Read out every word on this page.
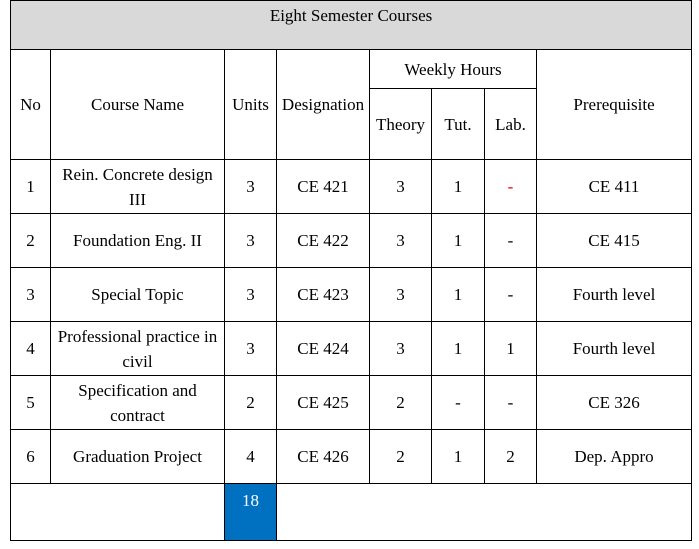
Eight Semester Courses							
No	Course Name	Units	Designation	Weekly Hours			Prerequisite
				Theory	Tut.	Lab.	
1	Rein. Concrete design III	3	CE 421	3	1	-	CE 411
2	Foundation Eng. II	3	CE 422	3	1	-	CE 415
3	Special Topic	3	CE 423	3	1	-	Fourth level
4	Professional practice in civil	3	CE 424	3	1	1	Fourth level
5	Specification and contract	2	CE 425	2	-	-	CE 326
6	Graduation Project	4	CE 426	2	1	2	Dep. Appro
		18					
